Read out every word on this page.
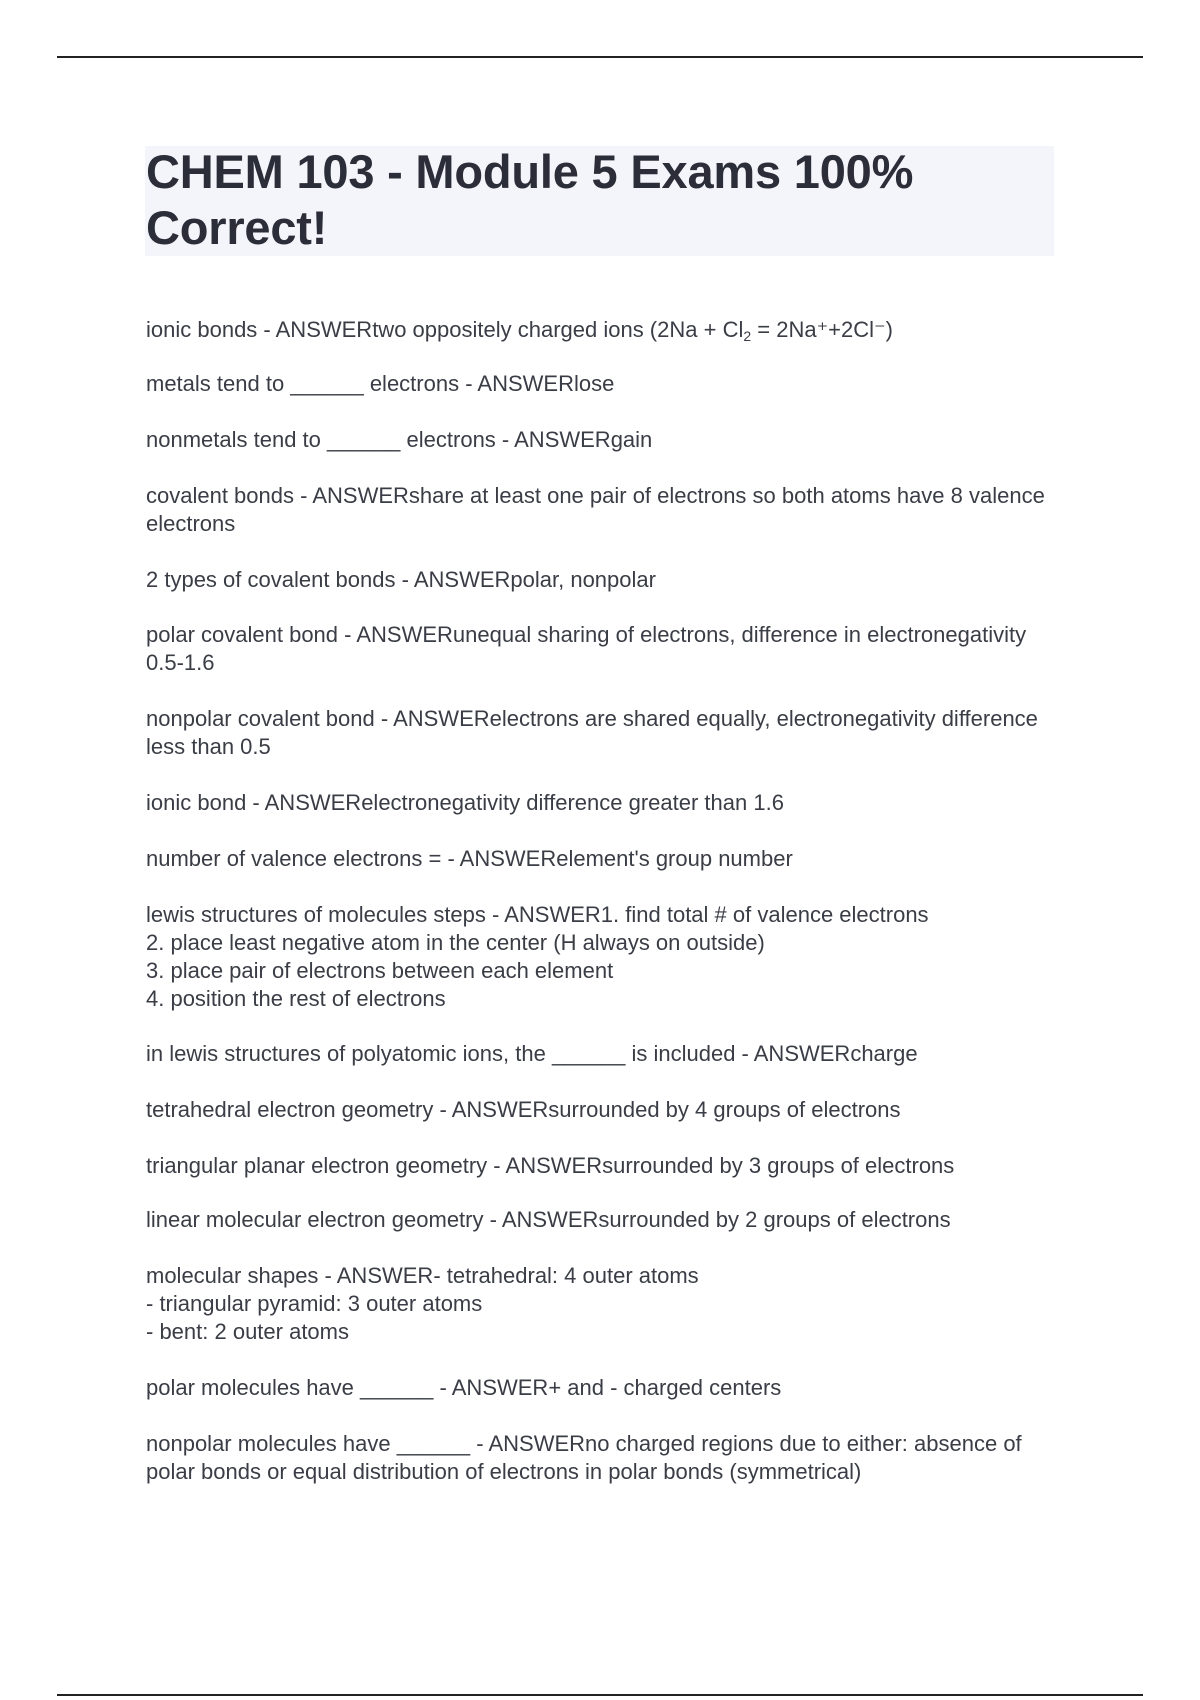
CHEM 103 - Module 5 Exams 100% Correct!

ionic bonds - ANSWERtwo oppositely charged ions $(2Na + Cl_2 = 2Na^++2Cl^-)$

metals tend to ______ electrons - ANSWERlose

nonmetals tend to ______ electrons - ANSWERgain

covalent bonds - ANSWERshare at least one pair of electrons so both atoms have 8 valence electrons

2 types of covalent bonds - ANSWERpolar, nonpolar

polar covalent bond - ANSWERunequal sharing of electrons, difference in electronegativity 0.5-1.6

nonpolar covalent bond - ANSWERelectrons are shared equally, electronegativity difference less than 0.5

ionic bond - ANSWERelectronegativity difference greater than 1.6

number of valence electrons = - ANSWERelement's group number

lewis structures of molecules steps - ANSWER1. find total # of valence electrons
2. place least negative atom in the center (H always on outside)
3. place pair of electrons between each element
4. position the rest of electrons

in lewis structures of polyatomic ions, the ______ is included - ANSWERcharge

tetrahedral electron geometry - ANSWERsurrounded by 4 groups of electrons

triangular planar electron geometry - ANSWERsurrounded by 3 groups of electrons

linear molecular electron geometry - ANSWERsurrounded by 2 groups of electrons

molecular shapes - ANSWER- tetrahedral: 4 outer atoms
- triangular pyramid: 3 outer atoms
- bent: 2 outer atoms

polar molecules have ______ - ANSWER+ and - charged centers

nonpolar molecules have ______ - ANSWERno charged regions due to either: absence of polar bonds or equal distribution of electrons in polar bonds (symmetrical)
